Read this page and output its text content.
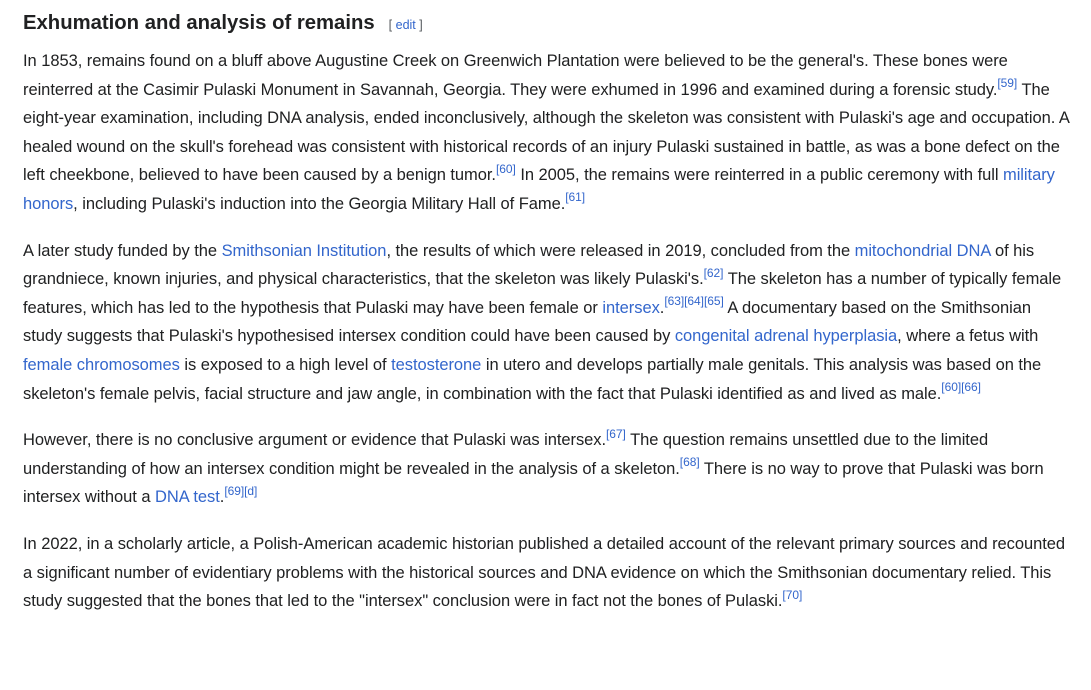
Exhumation and analysis of remains [ edit ]

In 1853, remains found on a bluff above Augustine Creek on Greenwich Plantation were believed to be the general's. These bones were reinterred at the Casimir Pulaski Monument in Savannah, Georgia. They were exhumed in 1996 and examined during a forensic study.[59] The eight-year examination, including DNA analysis, ended inconclusively, although the skeleton was consistent with Pulaski's age and occupation. A healed wound on the skull's forehead was consistent with historical records of an injury Pulaski sustained in battle, as was a bone defect on the left cheekbone, believed to have been caused by a benign tumor.[60] In 2005, the remains were reinterred in a public ceremony with full military honors, including Pulaski's induction into the Georgia Military Hall of Fame.[61]

A later study funded by the Smithsonian Institution, the results of which were released in 2019, concluded from the mitochondrial DNA of his grandniece, known injuries, and physical characteristics, that the skeleton was likely Pulaski's.[62] The skeleton has a number of typically female features, which has led to the hypothesis that Pulaski may have been female or intersex.[63][64][65] A documentary based on the Smithsonian study suggests that Pulaski's hypothesised intersex condition could have been caused by congenital adrenal hyperplasia, where a fetus with female chromosomes is exposed to a high level of testosterone in utero and develops partially male genitals. This analysis was based on the skeleton's female pelvis, facial structure and jaw angle, in combination with the fact that Pulaski identified as and lived as male.[60][66]

However, there is no conclusive argument or evidence that Pulaski was intersex.[67] The question remains unsettled due to the limited understanding of how an intersex condition might be revealed in the analysis of a skeleton.[68] There is no way to prove that Pulaski was born intersex without a DNA test.[69][d]

In 2022, in a scholarly article, a Polish-American academic historian published a detailed account of the relevant primary sources and recounted a significant number of evidentiary problems with the historical sources and DNA evidence on which the Smithsonian documentary relied. This study suggested that the bones that led to the "intersex" conclusion were in fact not the bones of Pulaski.[70]
